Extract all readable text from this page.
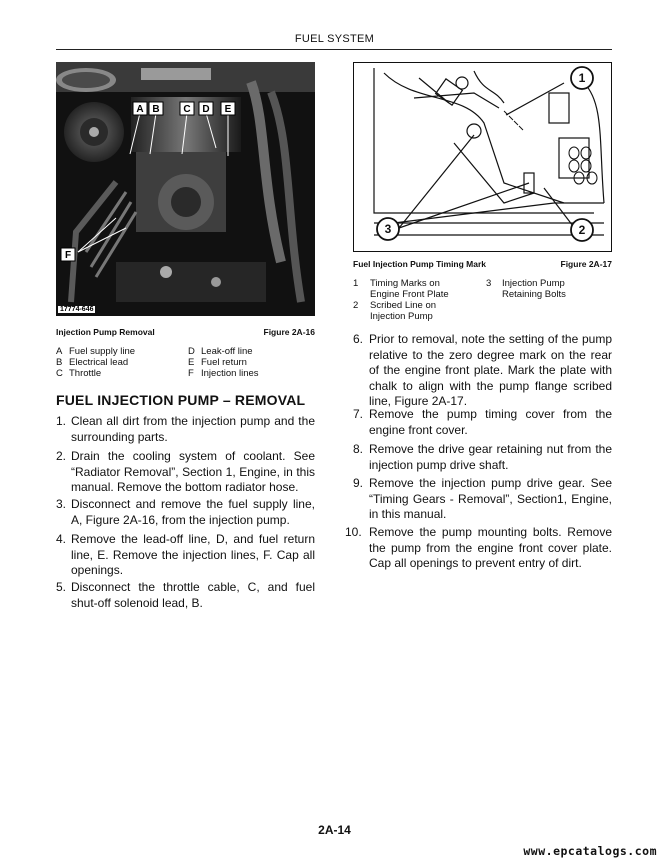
FUEL SYSTEM
A B C D E
F
17774-646
Injection Pump Removal	Figure 2A-16
A Fuel supply line
B Electrical lead
C Throttle
D Leak-off line
E Fuel return
F Injection lines
FUEL INJECTION PUMP – REMOVAL
1. Clean all dirt from the injection pump and the surrounding parts.
2. Drain the cooling system of coolant. See “Radiator Removal”, Section 1, Engine, in this manual. Remove the bottom radiator hose.
3. Disconnect and remove the fuel supply line, A, Figure 2A-16, from the injection pump.
4. Remove the lead-off line, D, and fuel return line, E. Remove the injection lines, F. Cap all openings.
5. Disconnect the throttle cable, C, and fuel shut-off solenoid lead, B.
1
2
3
Fuel Injection Pump Timing Mark	Figure 2A-17
1	Timing Marks on Engine Front Plate
2	Scribed Line on Injection Pump
3	Injection Pump Retaining Bolts
6. Prior to removal, note the setting of the pump relative to the zero degree mark on the rear of the engine front plate. Mark the plate with chalk to align with the pump flange scribed line, Figure 2A-17.
7. Remove the pump timing cover from the engine front cover.
8. Remove the drive gear retaining nut from the injection pump drive shaft.
9. Remove the injection pump drive gear. See “Timing Gears - Removal”, Section1, Engine, in this manual.
10. Remove the pump mounting bolts. Remove the pump from the engine front cover plate. Cap all openings to prevent entry of dirt.
2A-14
www.epcatalogs.com
